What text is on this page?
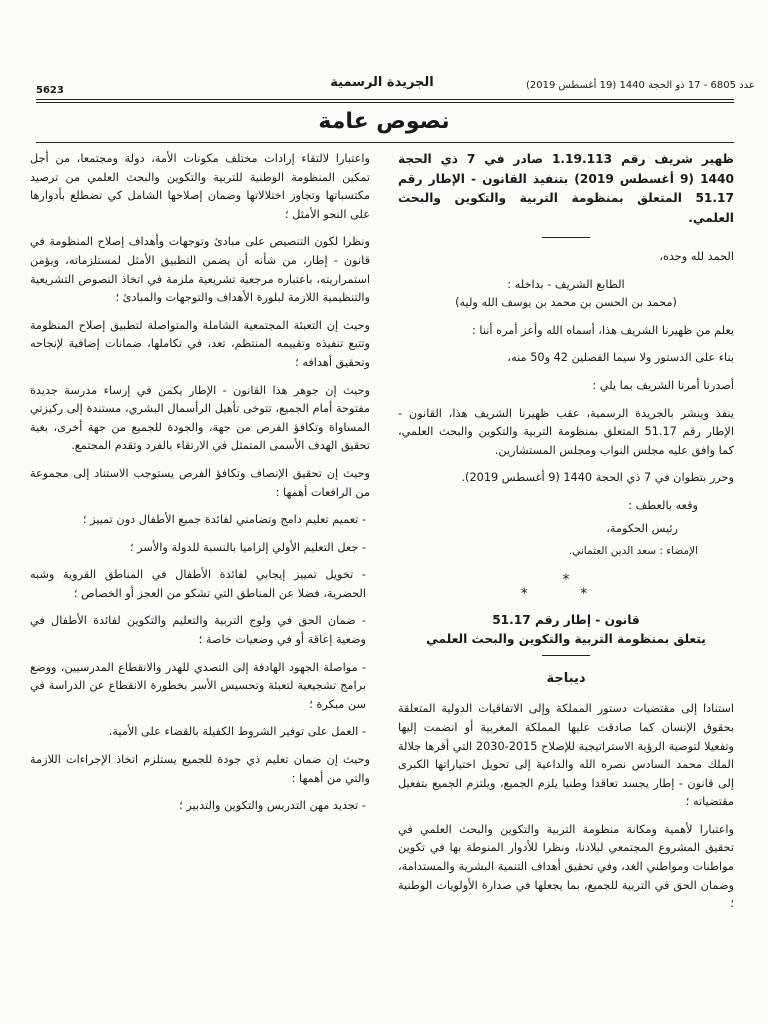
عدد 6805 - 17 ذو الحجة 1440 (19 أغسطس 2019)
الجريدة الرسمية
5623
نصوص عامة

ظهير شريف رقم 1.19.113 صادر في 7 ذي الحجة 1440 (9 أغسطس 2019) بتنفيذ القانون - الإطار رقم 51.17 المتعلق بمنظومة التربية والتكوين والبحث العلمي.

الحمد لله وحده،

الطابع الشريف - بداخله :

(محمد بن الحسن بن محمد بن يوسف الله وليه)

يعلم من ظهيرنا الشريف هذا، أسماه الله وأعز أمره أننا :

بناء على الدستور ولا سيما الفصلين 42 و50 منه،

أصدرنا أمرنا الشريف بما يلي :

ينفذ وينشر بالجريدة الرسمية، عقب ظهيرنا الشريف هذا، القانون - الإطار رقم 51.17 المتعلق بمنظومة التربية والتكوين والبحث العلمي، كما وافق عليه مجلس النواب ومجلس المستشارين.

وحرر بتطوان في 7 ذي الحجة 1440 (9 أغسطس 2019).

وقعه بالعطف :

رئيس الحكومة،

الإمضاء : سعد الدين العثماني.

*
* *
قانون - إطار رقم 51.17
يتعلق بمنظومة التربية والتكوين والبحث العلمي
ديباجة

استنادا إلى مقتضيات دستور المملكة وإلى الاتفاقيات الدولية المتعلقة بحقوق الإنسان كما صادقت عليها المملكة المغربية أو انضمت إليها وتفعيلا لتوصية الرؤية الاستراتيجية للإصلاح 2015-2030 التي أقرها جلالة الملك محمد السادس نصره الله والداعية إلى تحويل اختياراتها الكبرى إلى قانون - إطار يجسد تعاقدا وطنيا يلزم الجميع، ويلتزم الجميع بتفعيل مقتضياته ؛

واعتبارا لأهمية ومكانة منظومة التربية والتكوين والبحث العلمي في تحقيق المشروع المجتمعي لبلادنا، ونظرا للأدوار المنوطة بها في تكوين مواطنات ومواطني الغد، وفي تحقيق أهداف التنمية البشرية والمستدامة، وضمان الحق في التربية للجميع، بما يجعلها في صدارة الأولويات الوطنية ؛

واعتبارا لالتقاء إرادات مختلف مكونات الأمة، دولة ومجتمعا، من أجل تمكين المنظومة الوطنية للتربية والتكوين والبحث العلمي من ترصيد مكتسباتها وتجاوز اختلالاتها وضمان إصلاحها الشامل كي تضطلع بأدوارها على النحو الأمثل ؛

ونظرا لكون التنصيص على مبادئ وتوجهات وأهداف إصلاح المنظومة في قانون - إطار، من شأنه أن يضمن التطبيق الأمثل لمستلزماته، ويؤمن استمراريته، باعتباره مرجعية تشريعية ملزمة في اتخاذ النصوص التشريعية والتنظيمية اللازمة لبلورة الأهداف والتوجهات والمبادئ ؛

وحيث إن التعبئة المجتمعية الشاملة والمتواصلة لتطبيق إصلاح المنظومة وتتبع تنفيذه وتقييمه المنتظم، تعد، في تكاملها، ضمانات إضافية لإنجاحه وتحقيق أهدافه ؛

وحيث إن جوهر هذا القانون - الإطار يكمن في إرساء مدرسة جديدة مفتوحة أمام الجميع، تتوخى تأهيل الرأسمال البشري، مستندة إلى ركيزتي المساواة وتكافؤ الفرص من جهة، والجودة للجميع من جهة أخرى، بغية تحقيق الهدف الأسمى المتمثل في الارتقاء بالفرد وتقدم المجتمع.

وحيث إن تحقيق الإنصاف وتكافؤ الفرص يستوجب الاستناد إلى مجموعة من الرافعات أهمها :

- تعميم تعليم دامج وتضامني لفائدة جميع الأطفال دون تمييز ؛

- جعل التعليم الأولي إلزاميا بالنسبة للدولة والأسر ؛

- تخويل تمييز إيجابي لفائدة الأطفال في المناطق القروية وشبه الحضرية، فضلا عن المناطق التي تشكو من العجز أو الخصاص ؛

- ضمان الحق في ولوج التربية والتعليم والتكوين لفائدة الأطفال في وضعية إعاقة أو في وضعيات خاصة ؛

- مواصلة الجهود الهادفة إلى التصدي للهدر والانقطاع المدرسيين، ووضع برامج تشجيعية لتعبئة وتحسيس الأسر بخطورة الانقطاع عن الدراسة في سن مبكرة ؛

- العمل على توفير الشروط الكفيلة بالقضاء على الأمية.

وحيث إن ضمان تعليم ذي جودة للجميع يستلزم اتخاذ الإجراءات اللازمة والتي من أهمها :

- تجديد مهن التدريس والتكوين والتدبير ؛
